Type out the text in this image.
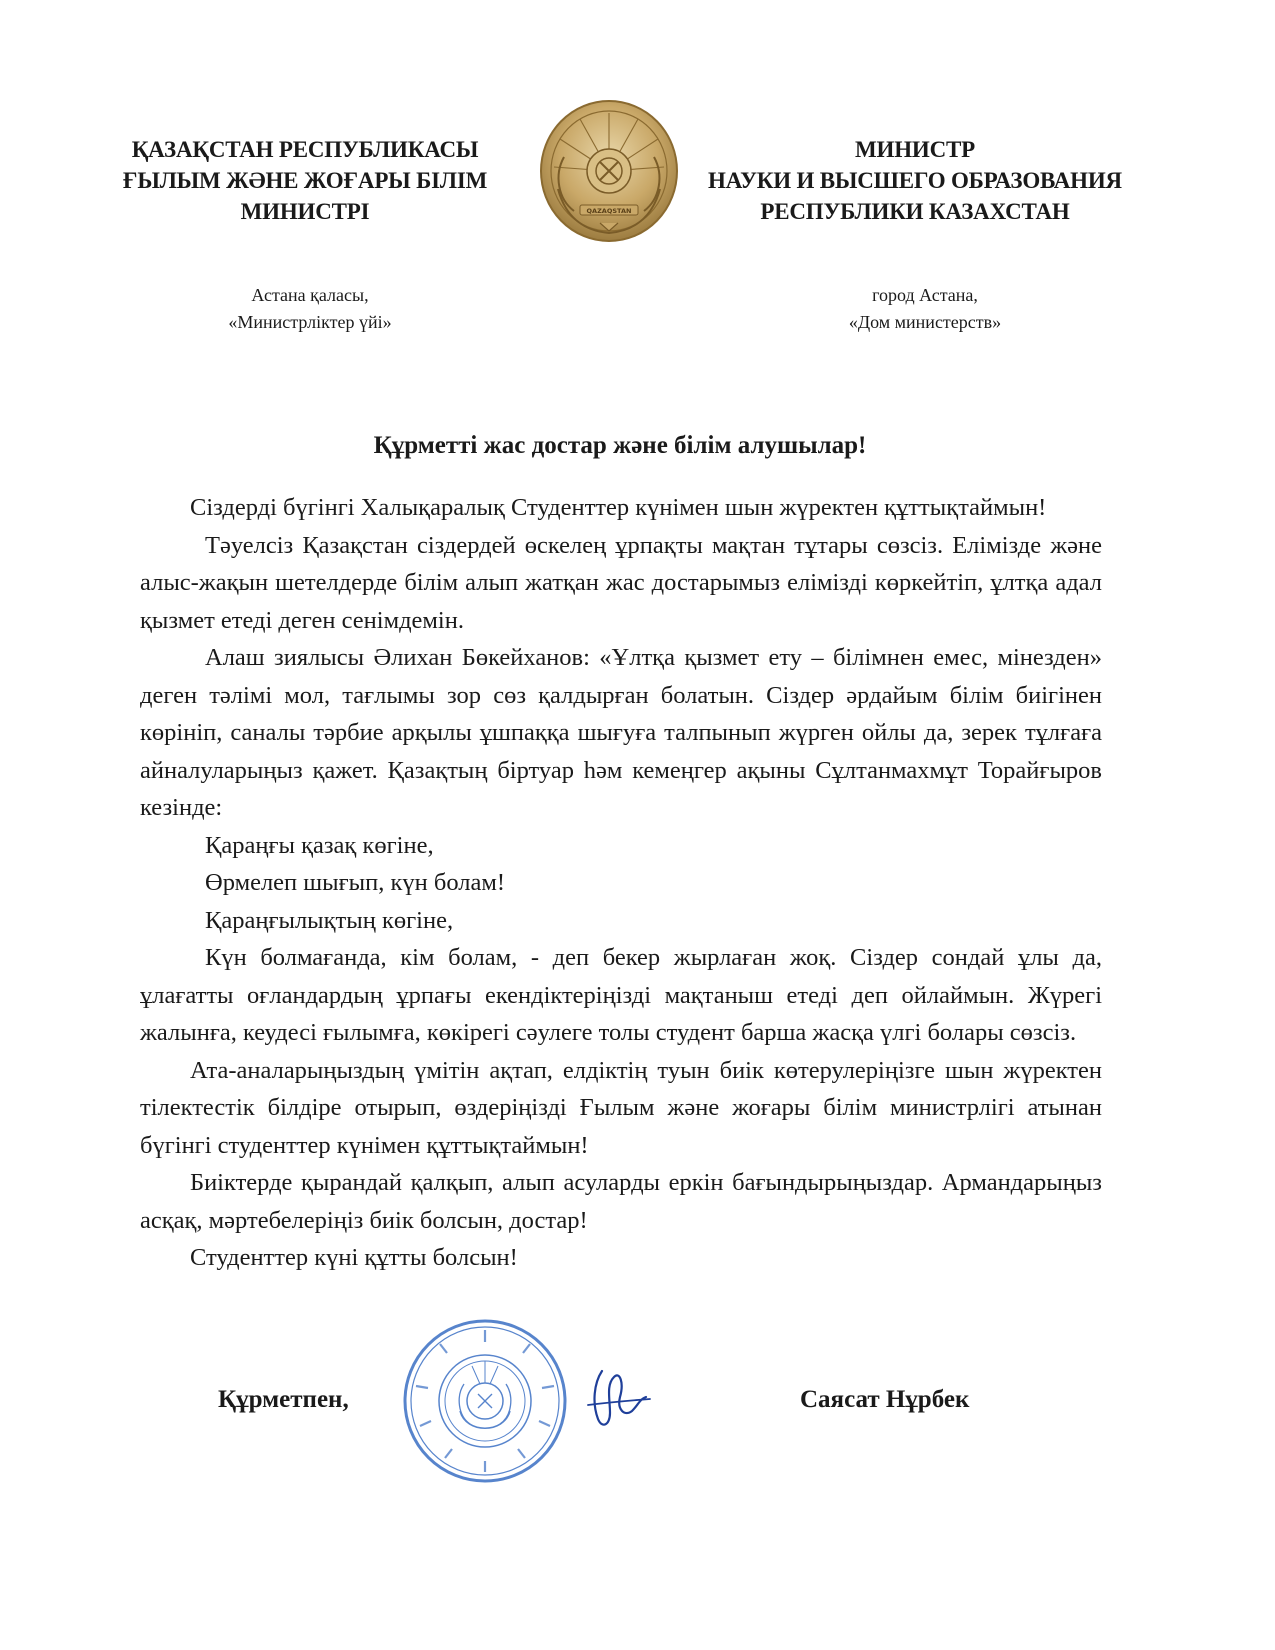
ҚАЗАҚСТАН РЕСПУБЛИКАСЫ
ҒЫЛЫМ ЖӘНЕ ЖОҒАРЫ БІЛІМ
МИНИСТРІ	QAZAQSTAN
МИНИСТР
НАУКИ И ВЫСШЕГО ОБРАЗОВАНИЯ
РЕСПУБЛИКИ КАЗАХСТАН
Астана қаласы,
«Министрліктер үйі»
город Астана,
«Дом министерств»
Құрметті жас достар және білім алушылар!

Сіздерді бүгінгі Халықаралық Студенттер күнімен шын жүректен құттықтаймын!

Тәуелсіз Қазақстан сіздердей өскелең ұрпақты мақтан тұтары сөзсіз. Елімізде және алыс-жақын шетелдерде білім алып жатқан жас достарымыз елімізді көркейтіп, ұлтқа адал қызмет етеді деген сенімдемін.

Алаш зиялысы Әлихан Бөкейханов: «Ұлтқа қызмет ету – білімнен емес, мінезден» деген тәлімі мол, тағлымы зор сөз қалдырған болатын. Сіздер әрдайым білім биігінен көрініп, саналы тәрбие арқылы ұшпаққа шығуға талпынып жүрген ойлы да, зерек тұлғаға айналуларыңыз қажет. Қазақтың біртуар һәм кемеңгер ақыны Сұлтанмахмұт Торайғыров кезінде:

Қараңғы қазақ көгіне,

Өрмелеп шығып, күн болам!

Қараңғылықтың көгіне,

Күн болмағанда, кім болам, - деп бекер жырлаған жоқ. Сіздер сондай ұлы да, ұлағатты оғландардың ұрпағы екендіктеріңізді мақтаныш етеді деп ойлаймын. Жүрегі жалынға, кеудесі ғылымға, көкірегі сәулеге толы студент барша жасқа үлгі болары сөзсіз.

Ата-аналарыңыздың үмітін ақтап, елдіктің туын биік көтерулеріңізге шын жүректен тілектестік білдіре отырып, өздеріңізді Ғылым және жоғары білім министрлігі атынан бүгінгі студенттер күнімен құттықтаймын!

Биіктерде қырандай қалқып, алып асуларды еркін бағындырыңыздар. Армандарыңыз асқақ, мәртебелеріңіз биік болсын, достар!

Студенттер күні құтты болсын!

Құрметпен,	Саясат Нұрбек
